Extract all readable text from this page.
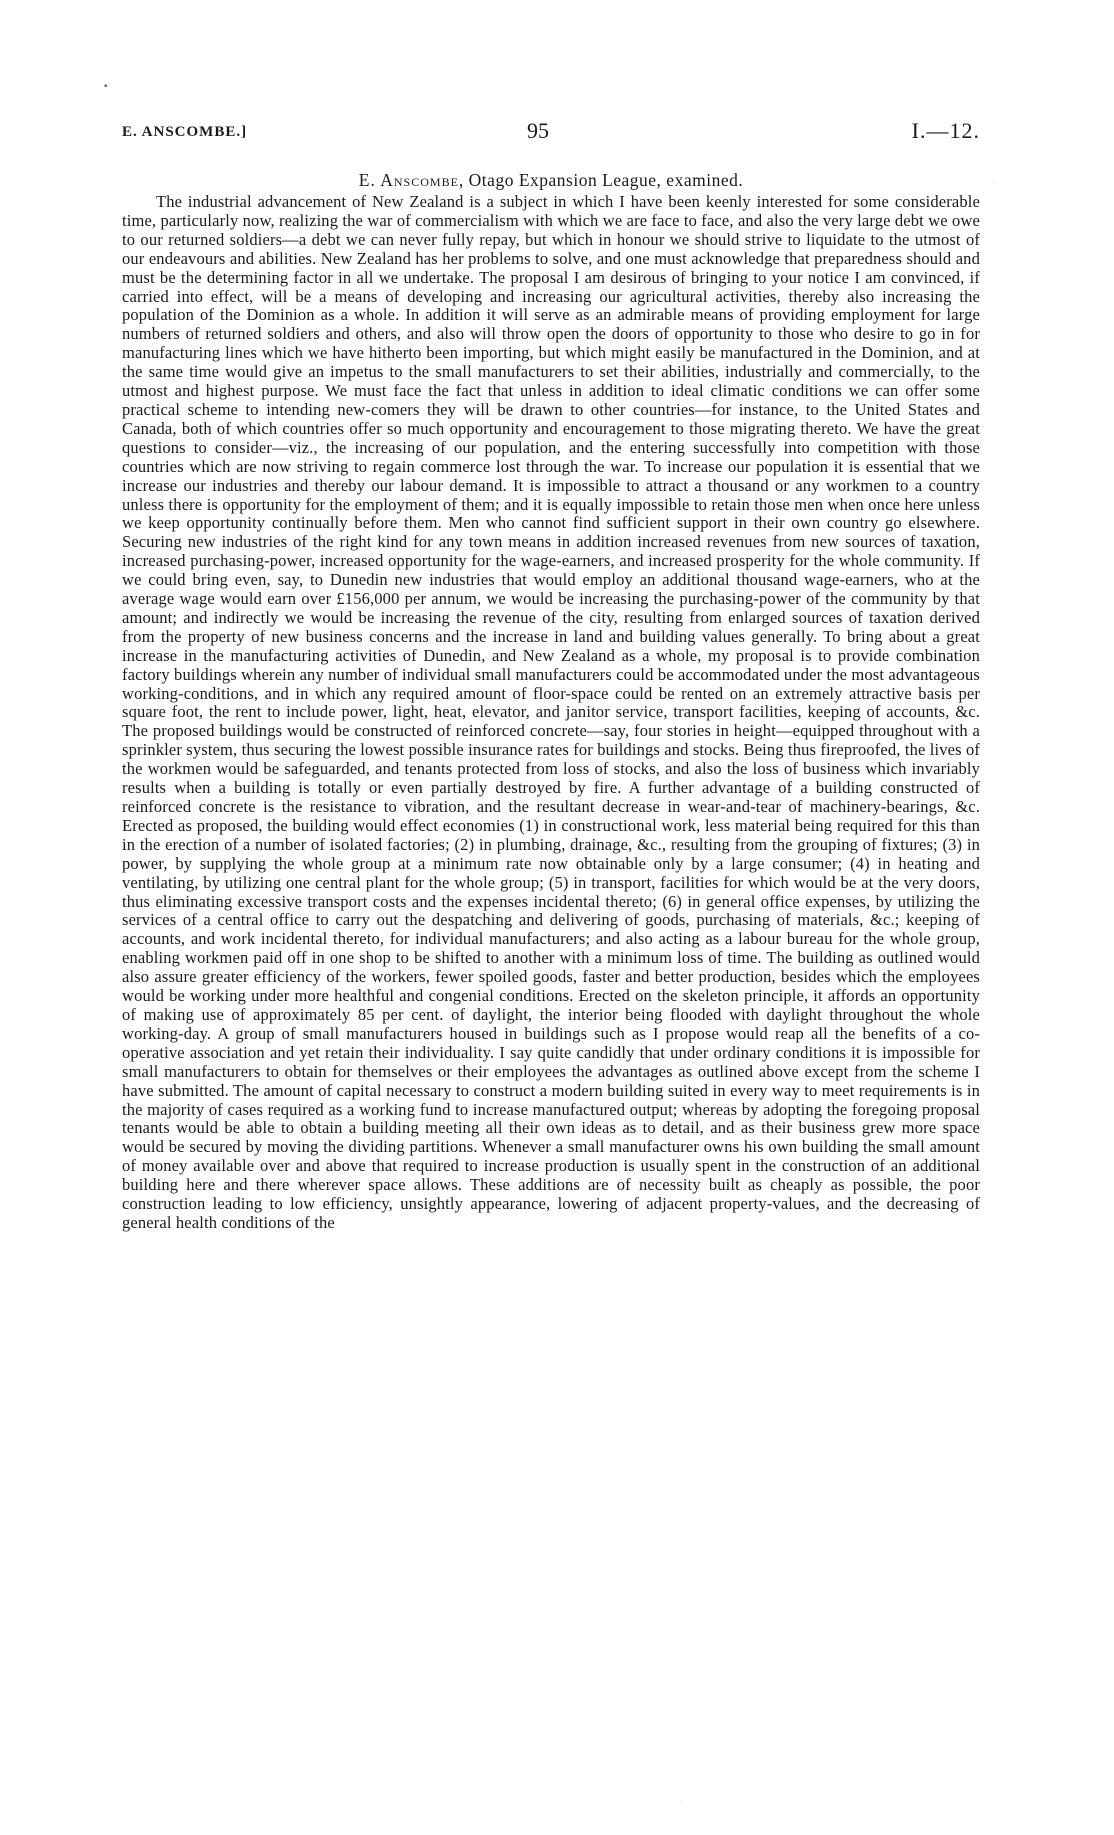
•
·
·
E. ANSCOMBE.]	95	I.—12.
E. Anscombe, Otago Expansion League, examined.

The industrial advancement of New Zealand is a subject in which I have been keenly interested for some considerable time, particularly now, realizing the war of commercialism with which we are face to face, and also the very large debt we owe to our returned soldiers—a debt we can never fully repay, but which in honour we should strive to liquidate to the utmost of our endeavours and abilities. New Zealand has her problems to solve, and one must acknowledge that preparedness should and must be the determining factor in all we undertake. The proposal I am desirous of bringing to your notice I am convinced, if carried into effect, will be a means of developing and increasing our agricultural activities, thereby also increasing the population of the Dominion as a whole. In addition it will serve as an admirable means of providing employment for large numbers of returned soldiers and others, and also will throw open the doors of opportunity to those who desire to go in for manufacturing lines which we have hitherto been importing, but which might easily be manufactured in the Dominion, and at the same time would give an impetus to the small manufacturers to set their abilities, industrially and commercially, to the utmost and highest purpose. We must face the fact that unless in addition to ideal climatic conditions we can offer some practical scheme to intending new-comers they will be drawn to other countries—for instance, to the United States and Canada, both of which countries offer so much opportunity and encouragement to those migrating thereto. We have the great questions to consider—viz., the increasing of our population, and the entering successfully into competition with those countries which are now striving to regain commerce lost through the war. To increase our population it is essential that we increase our industries and thereby our labour demand. It is impossible to attract a thousand or any workmen to a country unless there is opportunity for the employment of them; and it is equally impossible to retain those men when once here unless we keep opportunity continually before them. Men who cannot find sufficient support in their own country go elsewhere. Securing new industries of the right kind for any town means in addition increased revenues from new sources of taxation, increased purchasing-power, increased opportunity for the wage-earners, and increased prosperity for the whole community. If we could bring even, say, to Dunedin new industries that would employ an additional thousand wage-earners, who at the average wage would earn over £156,000 per annum, we would be increasing the purchasing-power of the community by that amount; and indirectly we would be increasing the revenue of the city, resulting from enlarged sources of taxation derived from the property of new business concerns and the increase in land and building values generally. To bring about a great increase in the manufacturing activities of Dunedin, and New Zealand as a whole, my proposal is to provide combination factory buildings wherein any number of individual small manufacturers could be accommodated under the most advantageous working-conditions, and in which any required amount of floor-space could be rented on an extremely attractive basis per square foot, the rent to include power, light, heat, elevator, and janitor service, transport facilities, keeping of accounts, &c. The proposed buildings would be constructed of reinforced concrete—say, four stories in height—equipped throughout with a sprinkler system, thus securing the lowest possible insurance rates for buildings and stocks. Being thus fireproofed, the lives of the workmen would be safeguarded, and tenants protected from loss of stocks, and also the loss of business which invariably results when a building is totally or even partially destroyed by fire. A further advantage of a building constructed of reinforced concrete is the resistance to vibration, and the resultant decrease in wear-and-tear of machinery-bearings, &c. Erected as proposed, the building would effect economies (1) in constructional work, less material being required for this than in the erection of a number of isolated factories; (2) in plumbing, drainage, &c., resulting from the grouping of fixtures; (3) in power, by supplying the whole group at a minimum rate now obtainable only by a large consumer; (4) in heating and ventilating, by utilizing one central plant for the whole group; (5) in transport, facilities for which would be at the very doors, thus eliminating excessive transport costs and the expenses incidental thereto; (6) in general office expenses, by utilizing the services of a central office to carry out the despatching and delivering of goods, purchasing of materials, &c.; keeping of accounts, and work incidental thereto, for individual manufacturers; and also acting as a labour bureau for the whole group, enabling workmen paid off in one shop to be shifted to another with a minimum loss of time. The building as outlined would also assure greater efficiency of the workers, fewer spoiled goods, faster and better production, besides which the employees would be working under more healthful and congenial conditions. Erected on the skeleton principle, it affords an opportunity of making use of approximately 85 per cent. of daylight, the interior being flooded with daylight throughout the whole working-day. A group of small manufacturers housed in buildings such as I propose would reap all the benefits of a co-operative association and yet retain their individuality. I say quite candidly that under ordinary conditions it is impossible for small manufacturers to obtain for themselves or their employees the advantages as outlined above except from the scheme I have submitted. The amount of capital necessary to construct a modern building suited in every way to meet requirements is in the majority of cases required as a working fund to increase manufactured output; whereas by adopting the foregoing proposal tenants would be able to obtain a building meeting all their own ideas as to detail, and as their business grew more space would be secured by moving the dividing partitions. Whenever a small manufacturer owns his own building the small amount of money available over and above that required to increase production is usually spent in the construction of an additional building here and there wherever space allows. These additions are of necessity built as cheaply as possible, the poor construction leading to low efficiency, unsightly appearance, lowering of adjacent property-values, and the decreasing of general health conditions of the
